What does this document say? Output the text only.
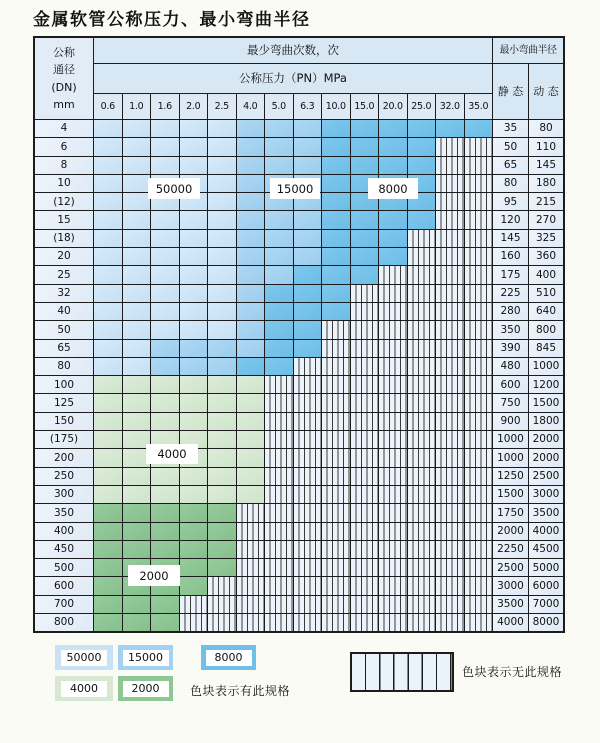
金属软管公称压力、最小弯曲半径
公称
通径
(DN)
mm
最少弯曲次数，次	最小弯曲半径
公称压力（PN）MPa
静 态 动 态
0.6	1.0	1.6	2.0	2.5	4.0	5.0	6.3	10.0 15.0 20.0 25.0 32.0 35.0
4	35	80
6	50	110
8	65	145
10	80	180
(12)	95	215
15	120	270
(18)	145	325
20	160	360
25	175	400
32	225	510
40	280	640
50	350	800
65	390	845
80	480	1000
100	600	1200
125	750	1500
150	900	1800
(175)	1000 2000
200	1000 2000
250	1250 2500
300	1500 3000
350	1750 3500
400	2000 4000
450	2250 4500
500	2500 5000
600	3000 6000
700	3500 7000
800	4000 8000
50000	15000	8000
4000
2000
50000	15000	8000
4000	2000	色块表示有此规格
色块表示无此规格
